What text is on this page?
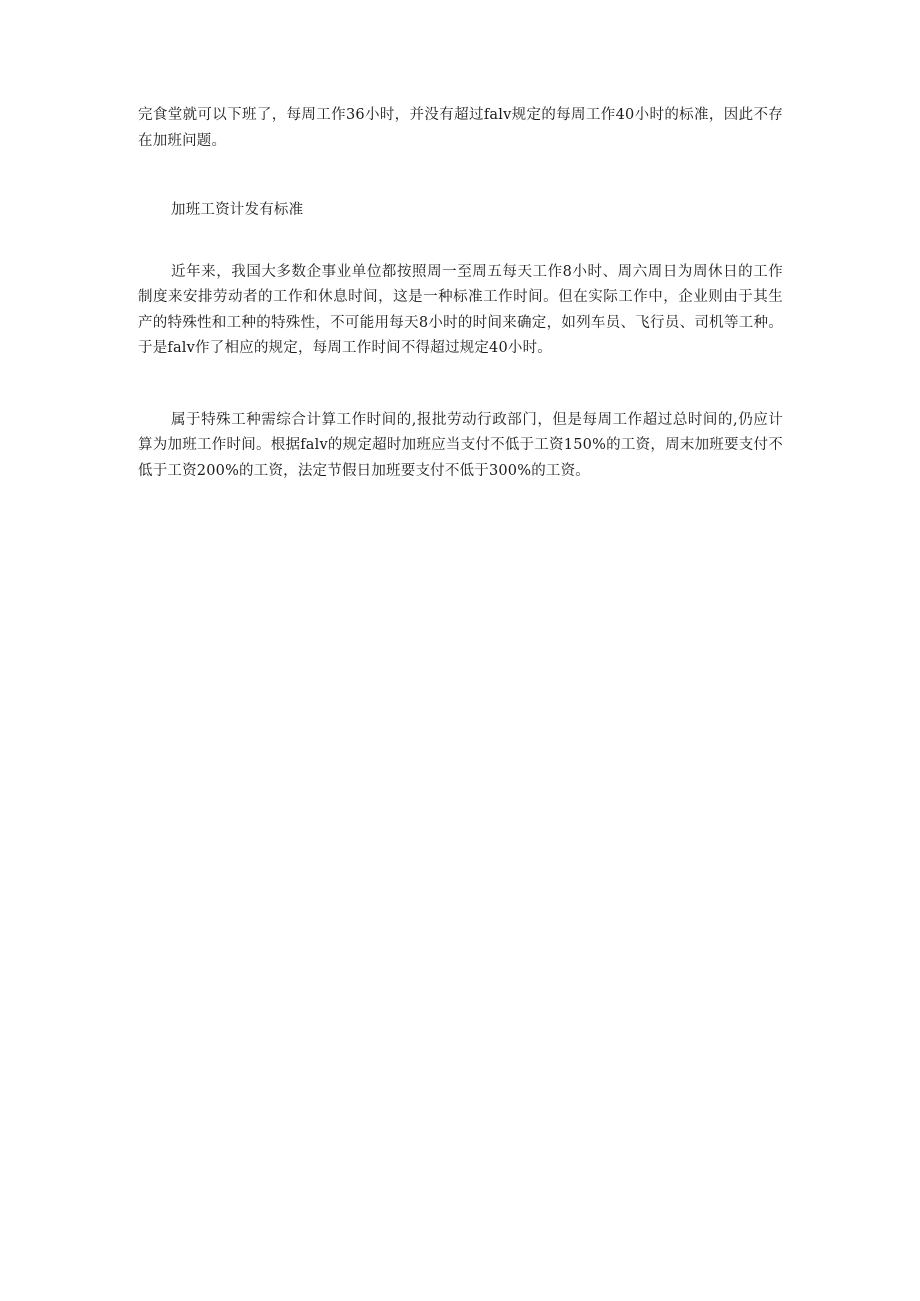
完食堂就可以下班了，每周工作36小时，并没有超过falv规定的每周工作40小时的标准，因此不存在加班问题。

加班工资计发有标准

近年来，我国大多数企事业单位都按照周一至周五每天工作8小时、周六周日为周休日的工作制度来安排劳动者的工作和休息时间，这是一种标准工作时间。但在实际工作中，企业则由于其生产的特殊性和工种的特殊性，不可能用每天8小时的时间来确定，如列车员、飞行员、司机等工种。于是falv作了相应的规定，每周工作时间不得超过规定40小时。

属于特殊工种需综合计算工作时间的,报批劳动行政部门，但是每周工作超过总时间的,仍应计算为加班工作时间。根据falv的规定超时加班应当支付不低于工资150%的工资，周末加班要支付不低于工资200%的工资，法定节假日加班要支付不低于300%的工资。
